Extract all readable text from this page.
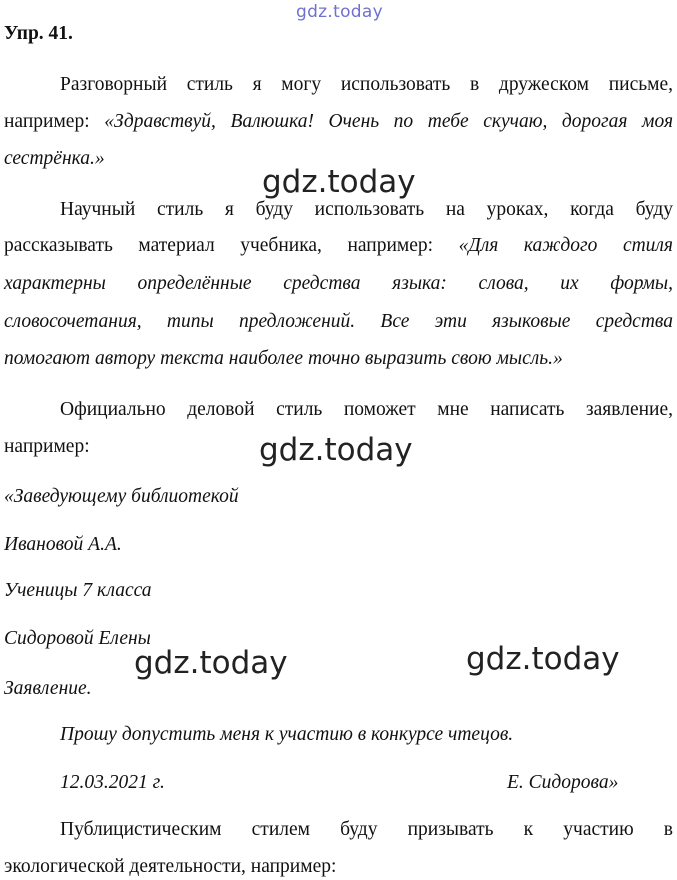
gdz.today
Упр. 41.
Разговорный стиль я могу использовать в дружеском письме,
например: «Здравствуй, Валюшка! Очень по тебе скучаю, дорогая моя
сестрёнка.»
gdz.today
Научный стиль я буду использовать на уроках, когда буду
рассказывать материал учебника, например: «Для каждого стиля
характерны определённые средства языка: слова, их формы,
словосочетания, типы предложений. Все эти языковые средства
помогают автору текста наиболее точно выразить свою мысль.»
Официально деловой стиль поможет мне написать заявление,
например:	gdz.today
«Заведующему библиотекой
Ивановой А.А.
Ученицы 7 класса
Сидоровой Елены
gdz.today	gdz.today
Заявление.
Прошу допустить меня к участию в конкурсе чтецов.
12.03.2021 г.	Е. Сидорова»
Публицистическим стилем буду призывать к участию в
экологической деятельности, например:
